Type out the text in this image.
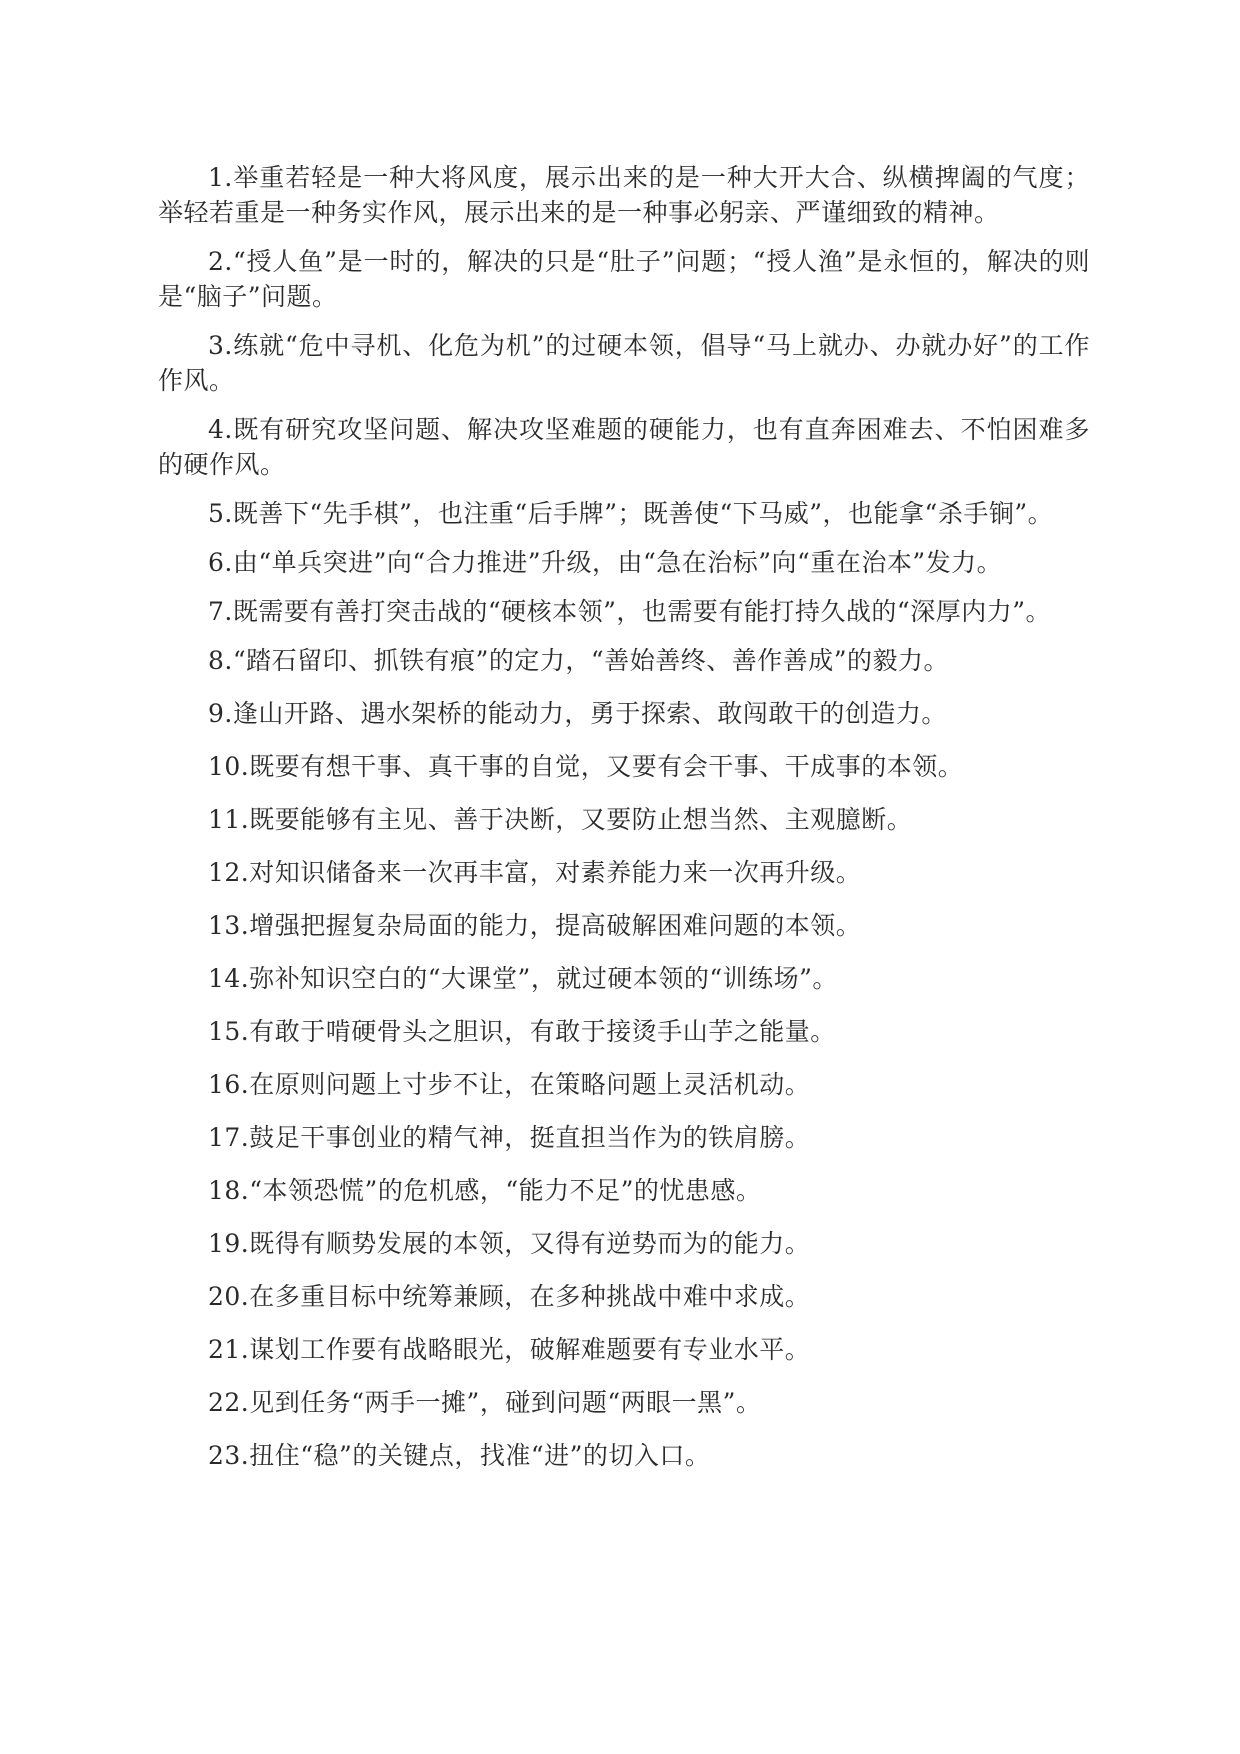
1.举重若轻是一种大将风度，展示出来的是一种大开大合、纵横捭阖的气度；举轻若重是一种务实作风，展示出来的是一种事必躬亲、严谨细致的精神。

2.“授人鱼”是一时的，解决的只是“肚子”问题；“授人渔”是永恒的，解决的则是“脑子”问题。

3.练就“危中寻机、化危为机”的过硬本领，倡导“马上就办、办就办好”的工作作风。

4.既有研究攻坚问题、解决攻坚难题的硬能力，也有直奔困难去、不怕困难多的硬作风。

5.既善下“先手棋”，也注重“后手牌”；既善使“下马威”，也能拿“杀手锏”。

6.由“单兵突进”向“合力推进”升级，由“急在治标”向“重在治本”发力。

7.既需要有善打突击战的“硬核本领”，也需要有能打持久战的“深厚内力”。

8.“踏石留印、抓铁有痕”的定力，“善始善终、善作善成”的毅力。

9.逢山开路、遇水架桥的能动力，勇于探索、敢闯敢干的创造力。

10.既要有想干事、真干事的自觉，又要有会干事、干成事的本领。

11.既要能够有主见、善于决断，又要防止想当然、主观臆断。

12.对知识储备来一次再丰富，对素养能力来一次再升级。

13.增强把握复杂局面的能力，提高破解困难问题的本领。

14.弥补知识空白的“大课堂”，就过硬本领的“训练场”。

15.有敢于啃硬骨头之胆识，有敢于接烫手山芋之能量。

16.在原则问题上寸步不让，在策略问题上灵活机动。

17.鼓足干事创业的精气神，挺直担当作为的铁肩膀。

18.“本领恐慌”的危机感，“能力不足”的忧患感。

19.既得有顺势发展的本领，又得有逆势而为的能力。

20.在多重目标中统筹兼顾，在多种挑战中难中求成。

21.谋划工作要有战略眼光，破解难题要有专业水平。

22.见到任务“两手一摊”，碰到问题“两眼一黑”。

23.扭住“稳”的关键点，找准“进”的切入口。
